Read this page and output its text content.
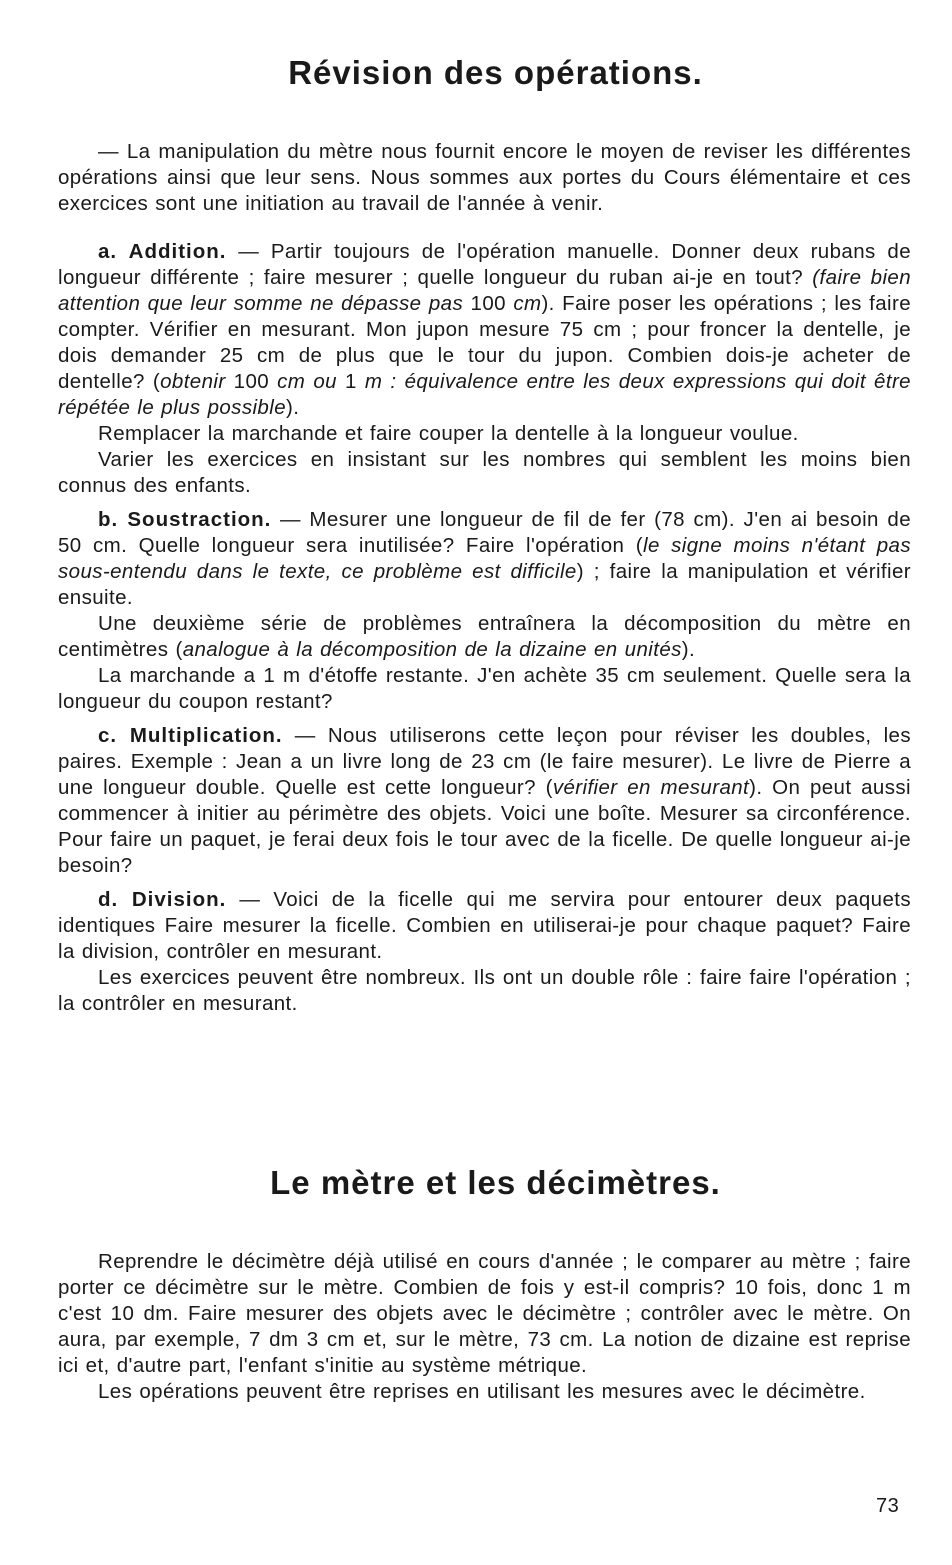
Révision des opérations.

— La manipulation du mètre nous fournit encore le moyen de reviser les différentes opérations ainsi que leur sens. Nous sommes aux portes du Cours élémentaire et ces exercices sont une initiation au travail de l'année à venir.

a. Addition. — Partir toujours de l'opération manuelle. Donner deux rubans de longueur différente ; faire mesurer ; quelle longueur du ruban ai-je en tout? (faire bien attention que leur somme ne dépasse pas 100 cm). Faire poser les opérations ; les faire compter. Vérifier en mesurant. Mon jupon mesure 75 cm ; pour froncer la dentelle, je dois demander 25 cm de plus que le tour du jupon. Combien dois-je acheter de dentelle? (obtenir 100 cm ou 1 m : équivalence entre les deux expressions qui doit être répétée le plus possible).

Remplacer la marchande et faire couper la dentelle à la longueur voulue.

Varier les exercices en insistant sur les nombres qui semblent les moins bien connus des enfants.

b. Soustraction. — Mesurer une longueur de fil de fer (78 cm). J'en ai besoin de 50 cm. Quelle longueur sera inutilisée? Faire l'opération (le signe moins n'étant pas sous-entendu dans le texte, ce problème est difficile) ; faire la manipulation et vérifier ensuite.

Une deuxième série de problèmes entraînera la décomposition du mètre en centimètres (analogue à la décomposition de la dizaine en unités).

La marchande a 1 m d'étoffe restante. J'en achète 35 cm seulement. Quelle sera la longueur du coupon restant?

c. Multiplication. — Nous utiliserons cette leçon pour réviser les doubles, les paires. Exemple : Jean a un livre long de 23 cm (le faire mesurer). Le livre de Pierre a une longueur double. Quelle est cette longueur? (vérifier en mesurant). On peut aussi commencer à initier au périmètre des objets. Voici une boîte. Mesurer sa circonférence. Pour faire un paquet, je ferai deux fois le tour avec de la ficelle. De quelle longueur ai-je besoin?

d. Division. — Voici de la ficelle qui me servira pour entourer deux paquets identiques Faire mesurer la ficelle. Combien en utiliserai-je pour chaque paquet? Faire la division, contrôler en mesurant.

Les exercices peuvent être nombreux. Ils ont un double rôle : faire faire l'opération ; la contrôler en mesurant.

Le mètre et les décimètres.

Reprendre le décimètre déjà utilisé en cours d'année ; le comparer au mètre ; faire porter ce décimètre sur le mètre. Combien de fois y est-il compris? 10 fois, donc 1 m c'est 10 dm. Faire mesurer des objets avec le décimètre ; contrôler avec le mètre. On aura, par exemple, 7 dm 3 cm et, sur le mètre, 73 cm. La notion de dizaine est reprise ici et, d'autre part, l'enfant s'initie au système métrique.

Les opérations peuvent être reprises en utilisant les mesures avec le décimètre.

73
